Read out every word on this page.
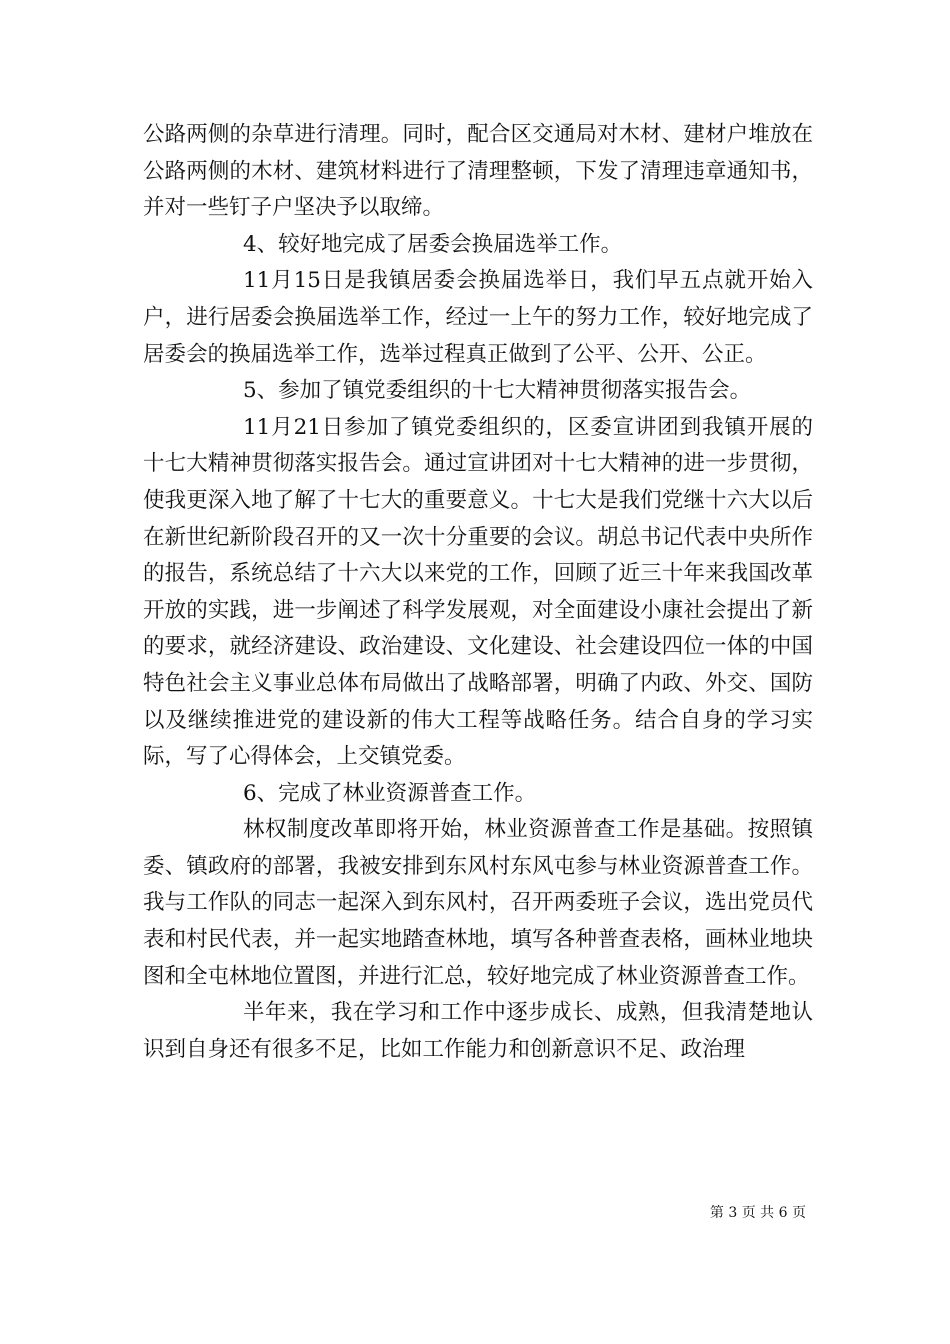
公路两侧的杂草进行清理。同时，配合区交通局对木材、建材户堆放在公路两侧的木材、建筑材料进行了清理整顿，下发了清理违章通知书，并对一些钉子户坚决予以取缔。

4、较好地完成了居委会换届选举工作。

11月15日是我镇居委会换届选举日，我们早五点就开始入户，进行居委会换届选举工作，经过一上午的努力工作，较好地完成了居委会的换届选举工作，选举过程真正做到了公平、公开、公正。

5、参加了镇党委组织的十七大精神贯彻落实报告会。

11月21日参加了镇党委组织的，区委宣讲团到我镇开展的十七大精神贯彻落实报告会。通过宣讲团对十七大精神的进一步贯彻，使我更深入地了解了十七大的重要意义。十七大是我们党继十六大以后在新世纪新阶段召开的又一次十分重要的会议。胡总书记代表中央所作的报告，系统总结了十六大以来党的工作，回顾了近三十年来我国改革开放的实践，进一步阐述了科学发展观，对全面建设小康社会提出了新的要求，就经济建设、政治建设、文化建设、社会建设四位一体的中国特色社会主义事业总体布局做出了战略部署，明确了内政、外交、国防以及继续推进党的建设新的伟大工程等战略任务。结合自身的学习实际，写了心得体会，上交镇党委。

6、完成了林业资源普查工作。

林权制度改革即将开始，林业资源普查工作是基础。按照镇委、镇政府的部署，我被安排到东风村东风屯参与林业资源普查工作。我与工作队的同志一起深入到东风村，召开两委班子会议，选出党员代表和村民代表，并一起实地踏查林地，填写各种普查表格，画林业地块图和全屯林地位置图，并进行汇总，较好地完成了林业资源普查工作。

半年来，我在学习和工作中逐步成长、成熟，但我清楚地认识到自身还有很多不足，比如工作能力和创新意识不足、政治理

第 3 页 共 6 页
